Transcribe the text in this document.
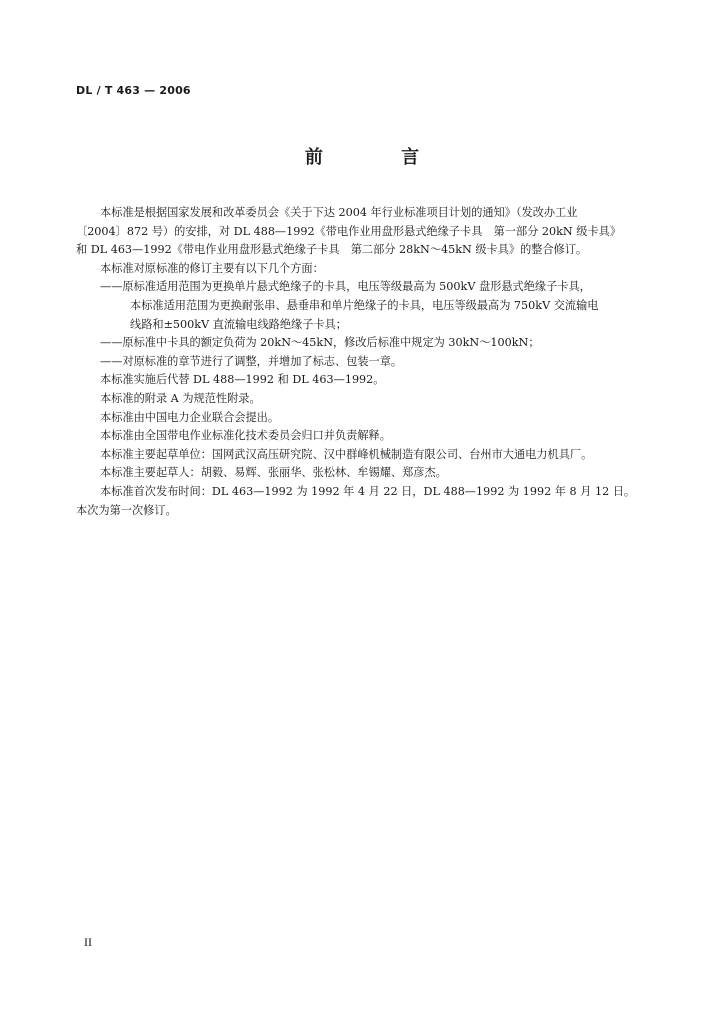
DL / T 463 — 2006
前 言
本标准是根据国家发展和改革委员会《关于下达 2004 年行业标准项目计划的通知》（发改办工业
〔2004〕872 号）的安排，对 DL 488—1992《带电作业用盘形悬式绝缘子卡具　第一部分 20kN 级卡具》
和 DL 463—1992《带电作业用盘形悬式绝缘子卡具　第二部分 28kN～45kN 级卡具》的整合修订。
本标准对原标准的修订主要有以下几个方面：
——原标准适用范围为更换单片悬式绝缘子的卡具，电压等级最高为 500kV 盘形悬式绝缘子卡具，
本标准适用范围为更换耐张串、悬垂串和单片绝缘子的卡具，电压等级最高为 750kV 交流输电
线路和±500kV 直流输电线路绝缘子卡具；
——原标准中卡具的额定负荷为 20kN～45kN，修改后标准中规定为 30kN～100kN；
——对原标准的章节进行了调整，并增加了标志、包装一章。
本标准实施后代替 DL 488—1992 和 DL 463—1992。
本标准的附录 A 为规范性附录。
本标准由中国电力企业联合会提出。
本标准由全国带电作业标准化技术委员会归口并负责解释。
本标准主要起草单位：国网武汉高压研究院、汉中群峰机械制造有限公司、台州市大通电力机具厂。
本标准主要起草人：胡毅、易辉、张丽华、张松林、牟锡耀、郑彦杰。
本标准首次发布时间：DL 463—1992 为 1992 年 4 月 22 日，DL 488—1992 为 1992 年 8 月 12 日。
本次为第一次修订。
II
